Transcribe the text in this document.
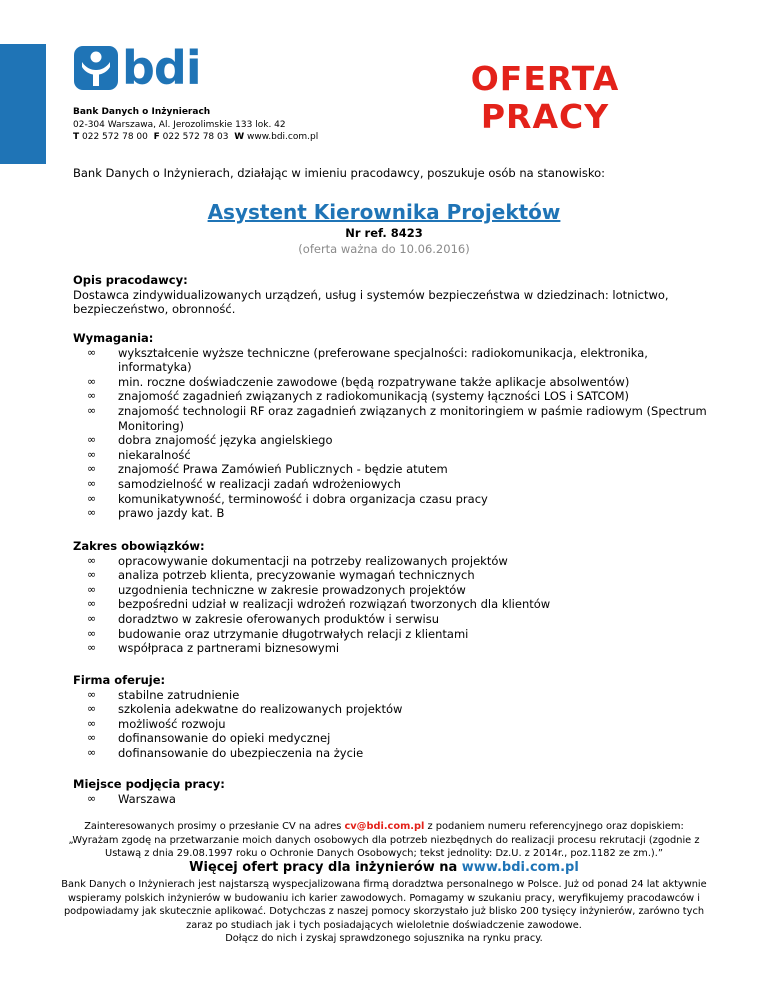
bdi
Bank Danych o Inżynierach
02-304 Warszawa, Al. Jerozolimskie 133 lok. 42
T 022 572 78 00 F 022 572 78 03 W www.bdi.com.pl
OFERTA
PRACY
Bank Danych o Inżynierach, działając w imieniu pracodawcy, poszukuje osób na stanowisko:
Asystent Kierownika Projektów
Nr ref. 8423
(oferta ważna do 10.06.2016)
Opis pracodawcy:

Dostawca zindywidualizowanych urządzeń, usług i systemów bezpieczeństwa w dziedzinach: lotnictwo, bezpieczeństwo, obronność.

Wymagania:
∞ wykształcenie wyższe techniczne (preferowane specjalności: radiokomunikacja, elektronika, informatyka)
∞ min. roczne doświadczenie zawodowe (będą rozpatrywane także aplikacje absolwentów)
∞ znajomość zagadnień związanych z radiokomunikacją (systemy łączności LOS i SATCOM)
∞ znajomość technologii RF oraz zagadnień związanych z monitoringiem w paśmie radiowym (Spectrum Monitoring)
∞ dobra znajomość języka angielskiego
∞ niekaralność
∞ znajomość Prawa Zamówień Publicznych - będzie atutem
∞ samodzielność w realizacji zadań wdrożeniowych
∞ komunikatywność, terminowość i dobra organizacja czasu pracy
∞ prawo jazdy kat. B
Zakres obowiązków:
∞ opracowywanie dokumentacji na potrzeby realizowanych projektów
∞ analiza potrzeb klienta, precyzowanie wymagań technicznych
∞ uzgodnienia techniczne w zakresie prowadzonych projektów
∞ bezpośredni udział w realizacji wdrożeń rozwiązań tworzonych dla klientów
∞ doradztwo w zakresie oferowanych produktów i serwisu
∞ budowanie oraz utrzymanie długotrwałych relacji z klientami
∞ współpraca z partnerami biznesowymi
Firma oferuje:
∞ stabilne zatrudnienie
∞ szkolenia adekwatne do realizowanych projektów
∞ możliwość rozwoju
∞ dofinansowanie do opieki medycznej
∞ dofinansowanie do ubezpieczenia na życie
Miejsce podjęcia pracy:
∞ Warszawa
Zainteresowanych prosimy o przesłanie CV na adres cv@bdi.com.pl z podaniem numeru referencyjnego oraz dopiskiem:
„Wyrażam zgodę na przetwarzanie moich danych osobowych dla potrzeb niezbędnych do realizacji procesu rekrutacji (zgodnie z Ustawą z dnia 29.08.1997 roku o Ochronie Danych Osobowych; tekst jednolity: Dz.U. z 2014r., poz.1182 ze zm.).”
Więcej ofert pracy dla inżynierów na www.bdi.com.pl
Bank Danych o Inżynierach jest najstarszą wyspecjalizowana firmą doradztwa personalnego w Polsce. Już od ponad 24 lat aktywnie wspieramy polskich inżynierów w budowaniu ich karier zawodowych. Pomagamy w szukaniu pracy, weryfikujemy pracodawców i podpowiadamy jak skutecznie aplikować. Dotychczas z naszej pomocy skorzystało już blisko 200 tysięcy inżynierów, zarówno tych zaraz po studiach jak i tych posiadających wieloletnie doświadczenie zawodowe.
Dołącz do nich i zyskaj sprawdzonego sojusznika na rynku pracy.
